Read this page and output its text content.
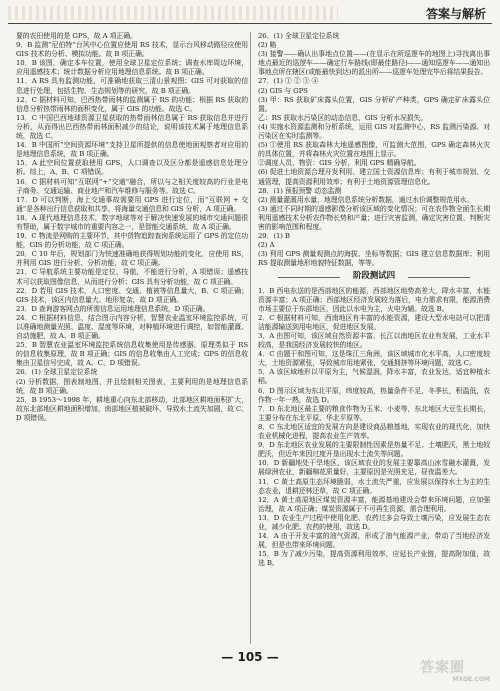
答案与解析

要的农田使用的是 GPS，故 A 项正确。

9．B 监测“尼伯特”台风中心位置应使用 RS 技术，显示台风移动路径应使用 GIS 技术的分析、模拟功能。故 B 项正确。

10．B 该图，确定本车位置，使用全球卫星定位系统；调查水库周边环境，应用遥感技术；统计数据分析应用地理信息系统。故 B 项正确。

11．A RS 具有监测功能，可准确地获取三清山景观图；GIS 可对获取的信息进行处理，包括生物、生态规划等的研究，故 B 项正确。

12．C 据材料可知，巴西热带雨林的监测属于 RS 的功能；根据 RS 获取的信息分析热带雨林的面积变化，属于 GIS 的功能。故选 C。

13．C 中国巴西地球资源卫星获取的热带雨林信息属于 RS 获取信息并进行分析，从而得出巴西热带雨林面积减少的结论，说明该技术属于地理信息系统，故选 C。

14．B 中国所“空间资源环境”支持卫星所提供的信息使地面观察者对应用的是地理信息系统，故 B 项正确。

15．A 此空间位置获取使用 GPS，人口调查以及区分都是遥感信息处理分析。综上，A、B、C 项错误。

16．C 据材料可知“互联网”+“交通”融合，所以与之相关度较高的行业是电子商务、交通运输、商业地产和汽车维修与服务等。故选 C。

17．D 可以判断，海上交通事故需要用 GPS 进行定位，而“互联网 + 交通”是各种出行信息获取和共享，将海量交通信息和 GIS 分析，A 项正确。

18．A 现代地理信息技术，数字地球等对于解决快速发展的城市交通问题很有帮助，属于数字城市的重要内容之一，是智能交通系统，故 A 项正确。

19．C 物流是网购的主要环节，其中货物追踪查询系统运用了 GPS 的定位功能，GIS 的分析功能，故 C 项正确。

20．C 10 年后，规划部门为快速准确地获得规划功能的变化，应使用 RS，并利用 GIS 进行分析、分析功能，故 C 项正确。

21．C 导航系统主要功能是定位、导航，不能进行分析，A 项错误；遥感技术可以获取图像信息，从而进行分析；GIS 具有分析功能，故 C 项正确。

22．D 若用 GIS 技术，人口密度、交通、植被等信息量大，B、C 项正确；GIS 技术，该区内信息量大、地形复杂，故 D 项正确。

23．D 查询游客网点的所需信息运用地理信息系统，D 项正确。

24．C 根据材料信息，结合图示内容分析，智慧农业温室环境监控系统，可以准确地测量光照、温度、湿度等环境，对种植环境进行调控，如智能灌溉、自动施肥，故 A、B 项正确。

25．B 智慧农业温室环境监控系统信息收集使用是传感器，原理类似于 RS 的信息收集原理，故 B 项正确；GIS 的信息收集由人工完成；GPS 的信息收集由卫星信号完成，故 A、C、D 项错误。

26．(1) 全球卫星定位系统

(2) 分析数据，图表制地图，并且绘制相关图表，主要利用的是地理信息系统，故 B 项正确。

25．B 1953～1998 年，耕地重心向东北部移动，北部地区耕地面积扩大，故东北部地区耕地面积增加，南部地区植被破坏，导致水土流失加剧，故 C、D 项错误。

26．(1) 全球卫星定位系统

(2) 略

(3) 接警——确认出事地点位置——(在显示在所巡逻车的地图上)寻找离出事地点最近的巡逻车——确定行车路线(即最佳路径)——通知巡逻车——通知出事地点所在辖区(或能最快到达)的派出所——巡逻车处理完毕后将结果报告。

27．(1) ① ② ③ ④

(2) GIS 与 GPS

(3) 甲：RS 获取矿床露头位置，GIS 分析矿产种类，GPS 确定矿床露头位置。

乙：RS 获取水污染区的动态信息，GIS 分析水况损失。

(4) 实施水资源监测和分析系统，运用 GIS 对监测中心，RS 监测污染源、对污染区在实时监测等。

(5) ①使用 RS 获取森林大地遥感图像，可监测大范围，GPS 确定森林火灾的具体位置，并将森林火灾位置在地图上显示。

②调度人员、物资：GIS 分析，利用 GPS 精确导航。

(6) 促进土地资源合理开发利用、建立国土资源信息库；有利于城市规划、交通管理，提高资源利用效率；有利于土地资源管理信息化。

28．(1) 预报预警 动态监测

(2) 测量灌溉用水量，地理信息系统分析数据，通过水价调整规范用水。

(3) 通过不同时期的遥感影像分析该区域的变化情况；可在农作物全面生长期利用遥感技术分析农作物长势和产量；进行灾害监测，确定灾害位置、判断灾害的影响范围和程度。

29．(1) B

(2) A

(3) 利用 GPS 测量观测点的海拔、坐标等数据；GIS 建立信息数据库；利用 RS 提取测量地形地貌特征数据，等等。

阶段测试四

1．B 西电东送的是西部地区的能源，西部地区地势高差大，降水丰富，水能资源丰富；A 项正确；西部地区经济发展较为落后，电力需求有限，能源消费市场主要位于东部地区，因此以水电为主，火电为辅。故选 B。

2．C 根据材料可知，西南地区有丰富的水能资源，建设大型水电站可以把清洁能源输送到用电地区，促进地区发展。

3．A 由图可知，该区域自然资源丰富，长江以南地区农业有发展，工业水平较高，是我国经济发展较快的地区。

4．C 由题干和图可知，这是珠江三角洲，该区域城市化水平高，人口密度较大，土地资源紧张，导致城市用地紧张，交通拥挤等环境问题，故选 C。

5．A 该区域地形以平原为主，气候湿润，降水丰富，农业发达，适宜种植水稻。

6．D 图示区域为东北平原，纬度较高，热量条件不足，冬季长，积温低，农作物一年一熟，故选 D。

7．D 东北地区最主要的粮食作物为玉米、小麦等，东北地区大豆生长期长，主要分布在东北平原、华北平原等。

8．C 东北地区适宜的发展方向是建设商品粮基地，实现农业的现代化，加快农业机械化进程，提高农业生产效率。

9．D 东北地区农业发展的主要限制性因素是热量不足、土壤肥沃，黑土地较肥沃，但近年来因过度开垦出现水土流失等问题。

10．D 新疆地处干旱地区，该区域农业的发展主要靠高山冰雪融水灌溉，发展绿洲农业，新疆棉花质量好，主要原因是光照充足，昼夜温差大。

11．C 黄土高原生态环境脆弱，水土流失严重，应发展以保持水土为主的生态农业，退耕还林还草，故 C 项正确。

12．A 黄土高原地区煤炭资源丰富，能源基地建设会带来环境问题，应加强治理，故 A 项正确；煤炭资源属于不可再生资源，需合理利用。

13．D 农业生产过程中使用化肥、农药过多会导致土壤污染，应发展生态农业，减少化肥、农药的使用，故选 D。

14．A 由于开发丰富的油气资源，形成了油气能源产业，带动了当地经济发展，但是也带来环境问题。

15．B 为了减少污染，提高资源利用效率，应延长产业链，提高附加值，故选 B。

— 105 —
MXQE.COM
答案圈
